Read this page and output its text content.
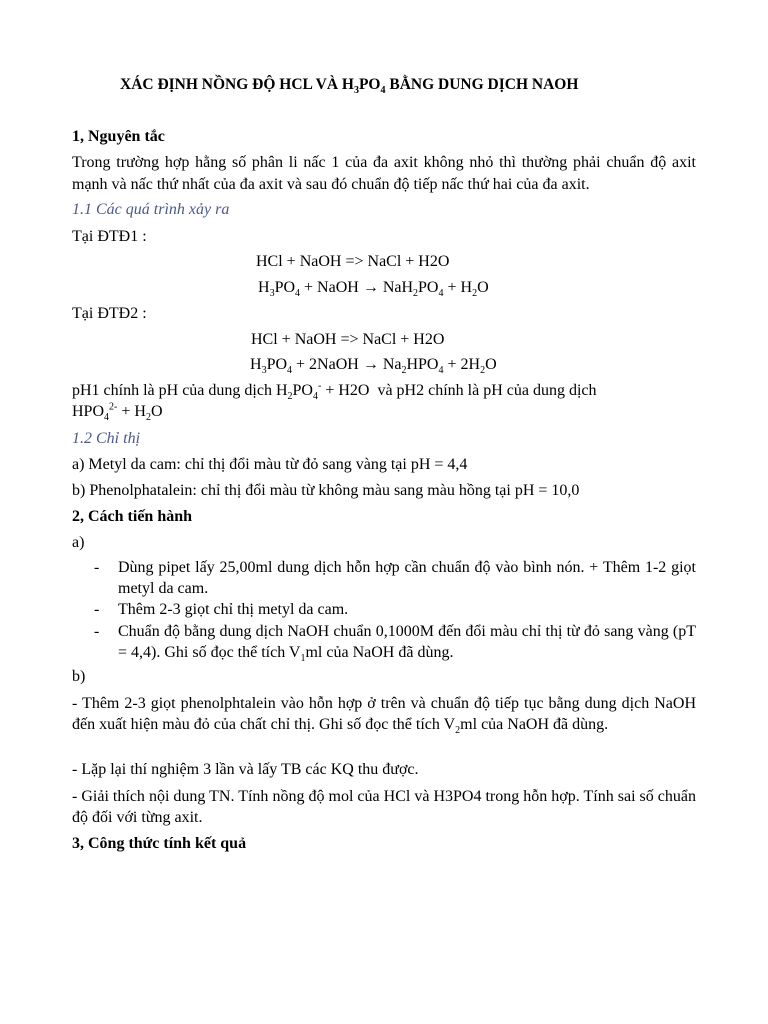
XÁC ĐỊNH NỒNG ĐỘ HCL VÀ $H_3PO_4$ BẰNG DUNG DỊCH NAOH
1, Nguyên tắc
Trong trường hợp hằng số phân li nấc 1 của đa axit không nhỏ thì thường phải chuẩn độ axit mạnh và nấc thứ nhất của đa axit và sau đó chuẩn độ tiếp nấc thứ hai của đa axit.
1.1 Các quá trình xảy ra
Tại ĐTĐ1 :
HCl + NaOH => NaCl + H2O
$H_3PO_4$ + NaOH → $NaH_2PO_4 + H_2O$
Tại ĐTĐ2 :
HCl + NaOH => NaCl + H2O
$H_3PO_4$ + 2NaOH → $Na_2HPO_4 + 2H_2O$
pH1 chính là pH của dung dịch $H_2PO_4^- + H2O$  và pH2 chính là pH của dung dịch
$HPO_4^{2-} + H_2O$
1.2 Chỉ thị
a) Metyl da cam: chỉ thị đổi màu từ đỏ sang vàng tại pH = 4,4
b) Phenolphatalein: chỉ thị đổi màu từ không màu sang màu hồng tại pH = 10,0
2, Cách tiến hành
a)
- Dùng pipet lấy 25,00ml dung dịch hỗn hợp cần chuẩn độ vào bình nón. + Thêm 1-2 giọt metyl da cam.
- Thêm 2-3 giọt chỉ thị metyl da cam.
- Chuẩn độ bằng dung dịch NaOH chuẩn 0,1000M đến đổi màu chỉ thị từ đỏ sang vàng (pT = 4,4). Ghi số đọc thể tích $V_1ml$ của NaOH đã dùng.
b)
- Thêm 2-3 giọt phenolphtalein vào hỗn hợp ở trên và chuẩn độ tiếp tục bằng dung dịch NaOH đến xuất hiện màu đỏ của chất chỉ thị. Ghi số đọc thể tích $V_2ml$ của NaOH đã dùng.
- Lặp lại thí nghiệm 3 lần và lấy TB các KQ thu được.
- Giải thích nội dung TN. Tính nồng độ mol của HCl và H3PO4 trong hỗn hợp. Tính sai số chuẩn độ đối với từng axit.
3, Công thức tính kết quả
